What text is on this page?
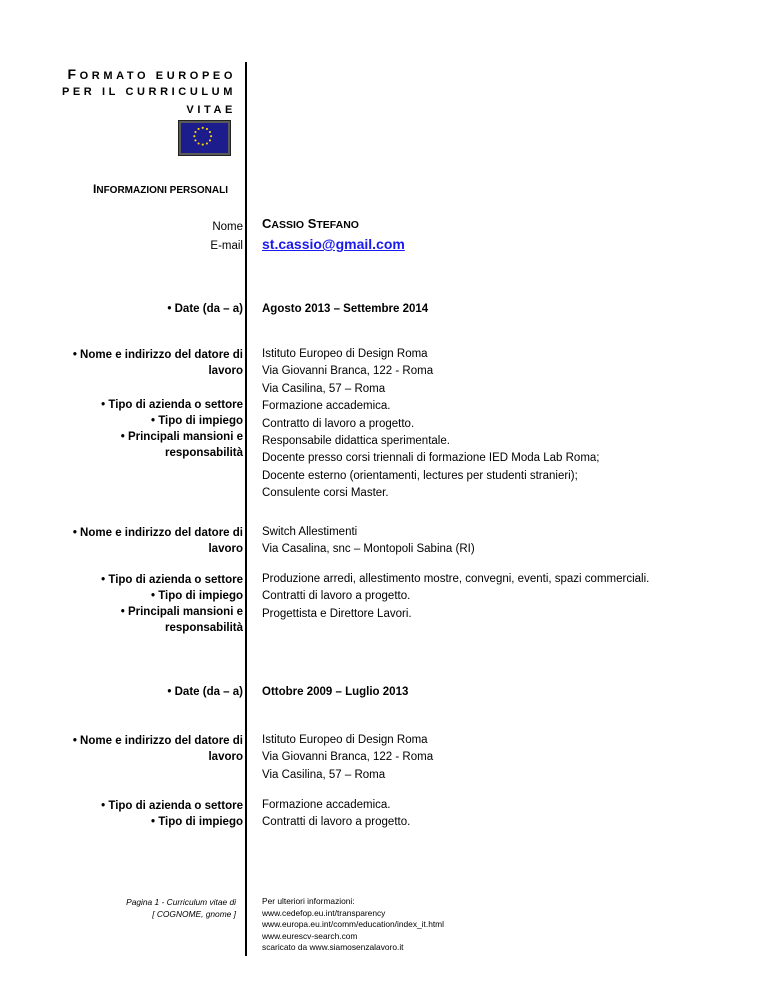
FORMATO EUROPEO
PER IL CURRICULUM
VITAE
INFORMAZIONI PERSONALI
Nome CASSIO STEFANO
E-mail st.cassio@gmail.com
• Date (da – a) Agosto 2013 – Settembre 2014
• Nome e indirizzo del datore di
lavoro
Istituto Europeo di Design Roma
Via Giovanni Branca, 122 - Roma
Via Casilina, 57 – Roma
Formazione accademica.
Contratto di lavoro a progetto.
Responsabile didattica sperimentale.
Docente presso corsi triennali di formazione IED Moda Lab Roma;
Docente esterno (orientamenti, lectures per studenti stranieri);
Consulente corsi Master.
• Tipo di azienda o settore
• Tipo di impiego
• Principali mansioni e
responsabilità
• Nome e indirizzo del datore di
lavoro
Switch Allestimenti
Via Casalina, snc – Montopoli Sabina (RI)
• Tipo di azienda o settore
• Tipo di impiego
• Principali mansioni e
responsabilità
Produzione arredi, allestimento mostre, convegni, eventi, spazi commerciali.
Contratti di lavoro a progetto.
Progettista e Direttore Lavori.
• Date (da – a) Ottobre 2009 – Luglio 2013
• Nome e indirizzo del datore di
lavoro
Istituto Europeo di Design Roma
Via Giovanni Branca, 122 - Roma
Via Casilina, 57 – Roma
• Tipo di azienda o settore
• Tipo di impiego
Formazione accademica.
Contratti di lavoro a progetto.
Pagina 1 - Curriculum vitae di
[ COGNOME, gnome ]
Per ulteriori informazioni:
www.cedefop.eu.int/transparency
www.europa.eu.int/comm/education/index_it.html
www.eurescv-search.com
scaricato da www.siamosenzalavoro.it
